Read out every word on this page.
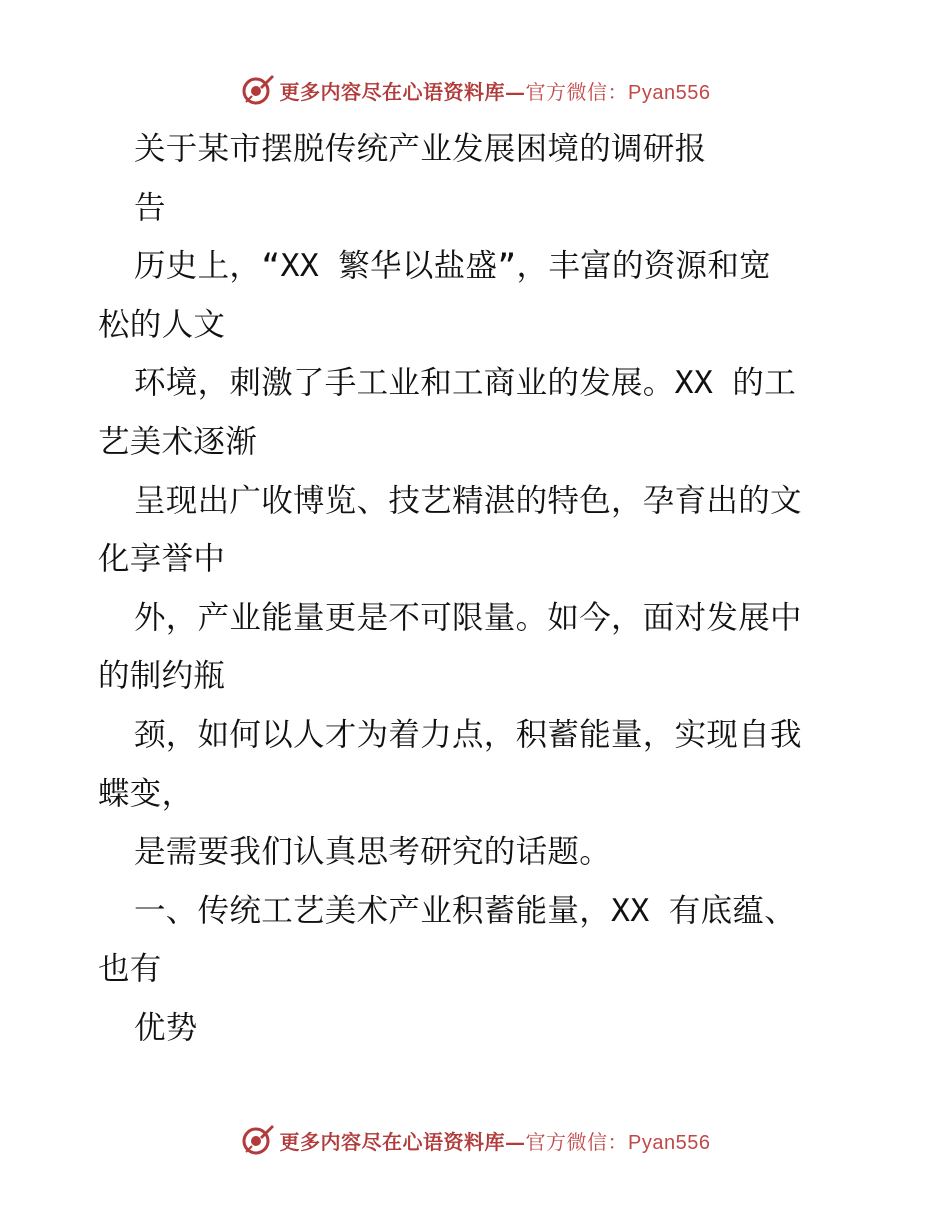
更多内容尽在心语资料库—官方微信：Pyan556
关于某市摆脱传统产业发展困境的调研报
告
历史上，“XX 繁华以盐盛”，丰富的资源和宽
松的人文
环境，刺激了手工业和工商业的发展。XX 的工
艺美术逐渐
呈现出广收博览、技艺精湛的特色，孕育出的文
化享誉中
外，产业能量更是不可限量。如今，面对发展中
的制约瓶
颈，如何以人才为着力点，积蓄能量，实现自我
蝶变，
是需要我们认真思考研究的话题。
一、传统工艺美术产业积蓄能量，XX 有底蕴、
也有
优势
更多内容尽在心语资料库—官方微信：Pyan556
